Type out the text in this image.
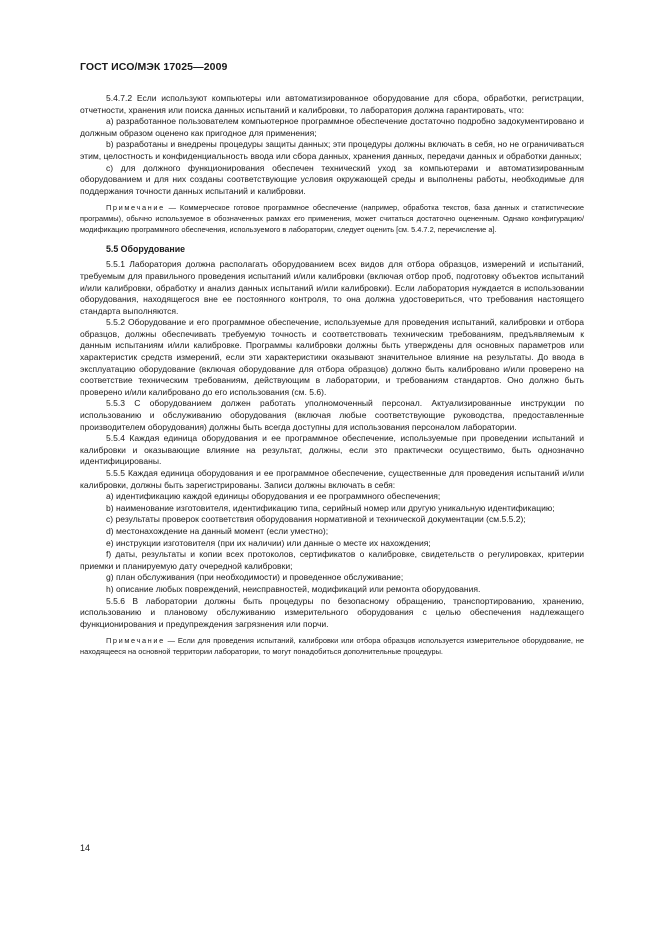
ГОСТ ИСО/МЭК 17025—2009

5.4.7.2 Если используют компьютеры или автоматизированное оборудование для сбора, обработки, регистрации, отчетности, хранения или поиска данных испытаний и калибровки, то лаборатория должна гарантировать, что:

a) разработанное пользователем компьютерное программное обеспечение достаточно подробно задокументировано и должным образом оценено как пригодное для применения;

b) разработаны и внедрены процедуры защиты данных; эти процедуры должны включать в себя, но не ограничиваться этим, целостность и конфиденциальность ввода или сбора данных, хранения данных, передачи данных и обработки данных;

c) для должного функционирования обеспечен технический уход за компьютерами и автоматизированным оборудованием и для них созданы соответствующие условия окружающей среды и выполнены работы, необходимые для поддержания точности данных испытаний и калибровки.

Примечание — Коммерческое готовое программное обеспечение (например, обработка текстов, база данных и статистические программы), обычно используемое в обозначенных рамках его применения, может считаться достаточно оцененным. Однако конфигурацию/модификацию программного обеспечения, используемого в лаборатории, следует оценить [см. 5.4.7.2, перечисление а].

5.5 Оборудование

5.5.1 Лаборатория должна располагать оборудованием всех видов для отбора образцов, измерений и испытаний, требуемым для правильного проведения испытаний и/или калибровки (включая отбор проб, подготовку объектов испытаний и/или калибровки, обработку и анализ данных испытаний и/или калибровки). Если лаборатория нуждается в использовании оборудования, находящегося вне ее постоянного контроля, то она должна удостовериться, что требования настоящего стандарта выполняются.

5.5.2 Оборудование и его программное обеспечение, используемые для проведения испытаний, калибровки и отбора образцов, должны обеспечивать требуемую точность и соответствовать техническим требованиям, предъявляемым к данным испытаниям и/или калибровке. Программы калибровки должны быть утверждены для основных параметров или характеристик средств измерений, если эти характеристики оказывают значительное влияние на результаты. До ввода в эксплуатацию оборудование (включая оборудование для отбора образцов) должно быть калибровано и/или проверено на соответствие техническим требованиям, действующим в лаборатории, и требованиям стандартов. Оно должно быть проверено и/или калибровано до его использования (см. 5.6).

5.5.3 С оборудованием должен работать уполномоченный персонал. Актуализированные инструкции по использованию и обслуживанию оборудования (включая любые соответствующие руководства, предоставленные производителем оборудования) должны быть всегда доступны для использования персоналом лаборатории.

5.5.4 Каждая единица оборудования и ее программное обеспечение, используемые при проведении испытаний и калибровки и оказывающие влияние на результат, должны, если это практически осуществимо, быть однозначно идентифицированы.

5.5.5 Каждая единица оборудования и ее программное обеспечение, существенные для проведения испытаний и/или калибровки, должны быть зарегистрированы. Записи должны включать в себя:

a) идентификацию каждой единицы оборудования и ее программного обеспечения;

b) наименование изготовителя, идентификацию типа, серийный номер или другую уникальную идентификацию;

c) результаты проверок соответствия оборудования нормативной и технической документации (см.5.5.2);

d) местонахождение на данный момент (если уместно);

e) инструкции изготовителя (при их наличии) или данные о месте их нахождения;

f) даты, результаты и копии всех протоколов, сертификатов о калибровке, свидетельств о регулировках, критерии приемки и планируемую дату очередной калибровки;

g) план обслуживания (при необходимости) и проведенное обслуживание;

h) описание любых повреждений, неисправностей, модификаций или ремонта оборудования.

5.5.6 В лаборатории должны быть процедуры по безопасному обращению, транспортированию, хранению, использованию и плановому обслуживанию измерительного оборудования с целью обеспечения надлежащего функционирования и предупреждения загрязнения или порчи.

Примечание — Если для проведения испытаний, калибровки или отбора образцов используется измерительное оборудование, не находящееся на основной территории лаборатории, то могут понадобиться дополнительные процедуры.

14
